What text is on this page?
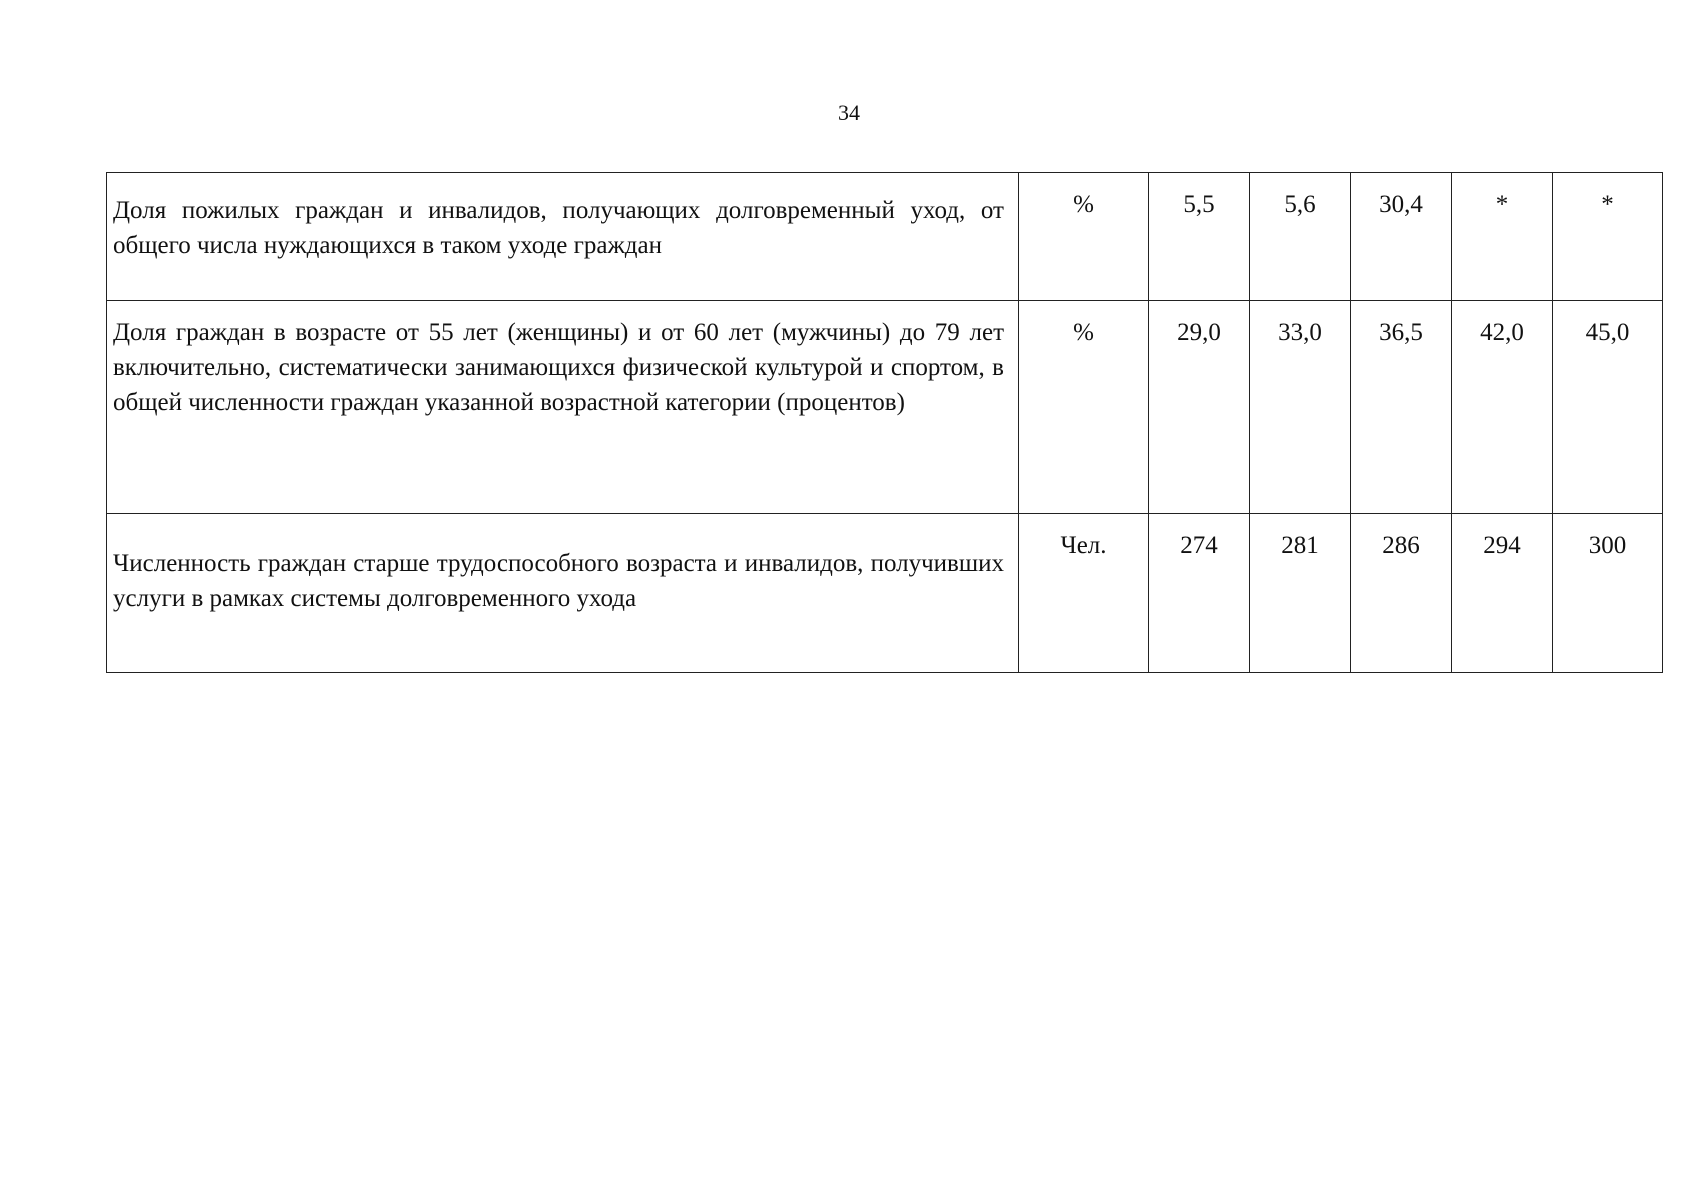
34
Доля пожилых граждан и инвалидов, получающих долговременный уход, от общего числа нуждающихся в таком уходе граждан	%	5,5	5,6	30,4	*	*

Доля граждан в возрасте от 55 лет (женщины) и от 60 лет (мужчины) до 79 лет включительно, систематически занимающихся физической культурой и спортом, в общей численности граждан указанной возрастной категории (процентов)	%	29,0	33,0	36,5	42,0	45,0

Численность граждан старше трудоспособного возраста и инвалидов, получивших услуги в рамках системы долговременного ухода	Чел.	274	281	286	294	300
